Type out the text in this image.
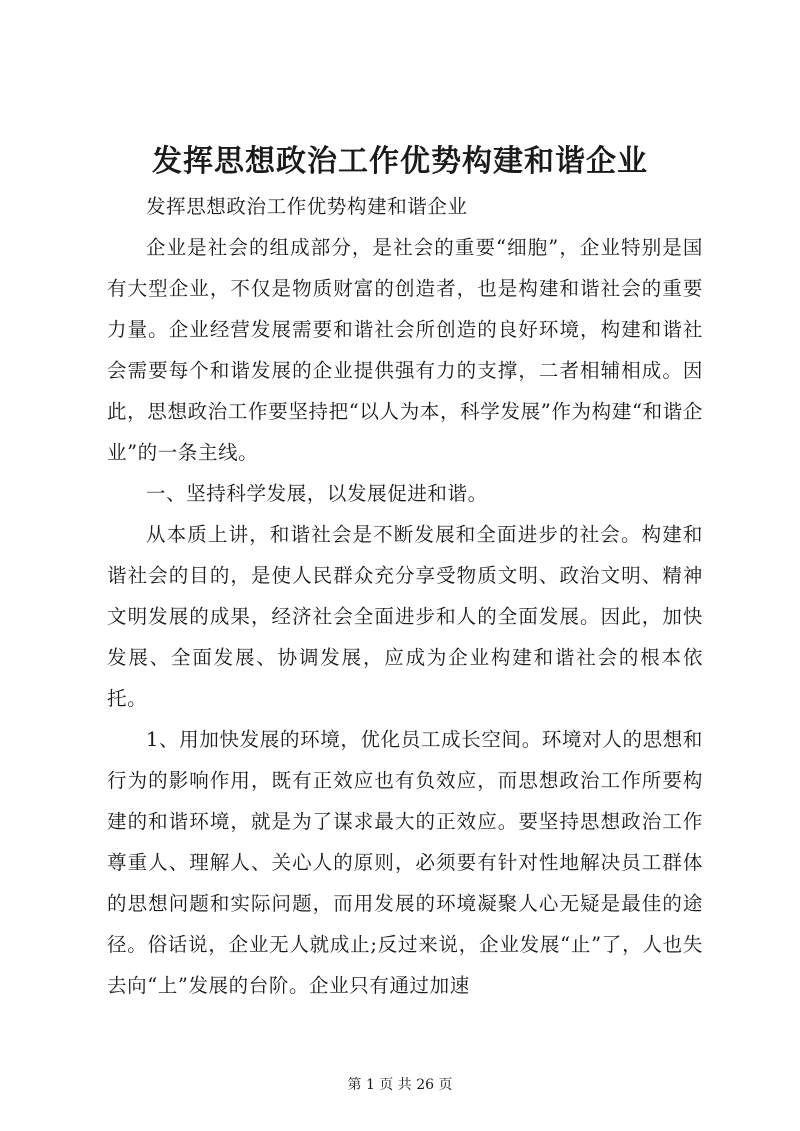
发挥思想政治工作优势构建和谐企业

发挥思想政治工作优势构建和谐企业

企业是社会的组成部分，是社会的重要“细胞”，企业特别是国有大型企业，不仅是物质财富的创造者，也是构建和谐社会的重要力量。企业经营发展需要和谐社会所创造的良好环境，构建和谐社会需要每个和谐发展的企业提供强有力的支撑，二者相辅相成。因此，思想政治工作要坚持把“以人为本，科学发展”作为构建“和谐企业”的一条主线。

一、坚持科学发展，以发展促进和谐。

从本质上讲，和谐社会是不断发展和全面进步的社会。构建和谐社会的目的，是使人民群众充分享受物质文明、政治文明、精神文明发展的成果，经济社会全面进步和人的全面发展。因此，加快发展、全面发展、协调发展，应成为企业构建和谐社会的根本依托。

1、用加快发展的环境，优化员工成长空间。环境对人的思想和行为的影响作用，既有正效应也有负效应，而思想政治工作所要构建的和谐环境，就是为了谋求最大的正效应。要坚持思想政治工作尊重人、理解人、关心人的原则，必须要有针对性地解决员工群体的思想问题和实际问题，而用发展的环境凝聚人心无疑是最佳的途径。俗话说，企业无人就成止;反过来说，企业发展“止”了，人也失去向“上”发展的台阶。企业只有通过加速

第 1 页 共 26 页
